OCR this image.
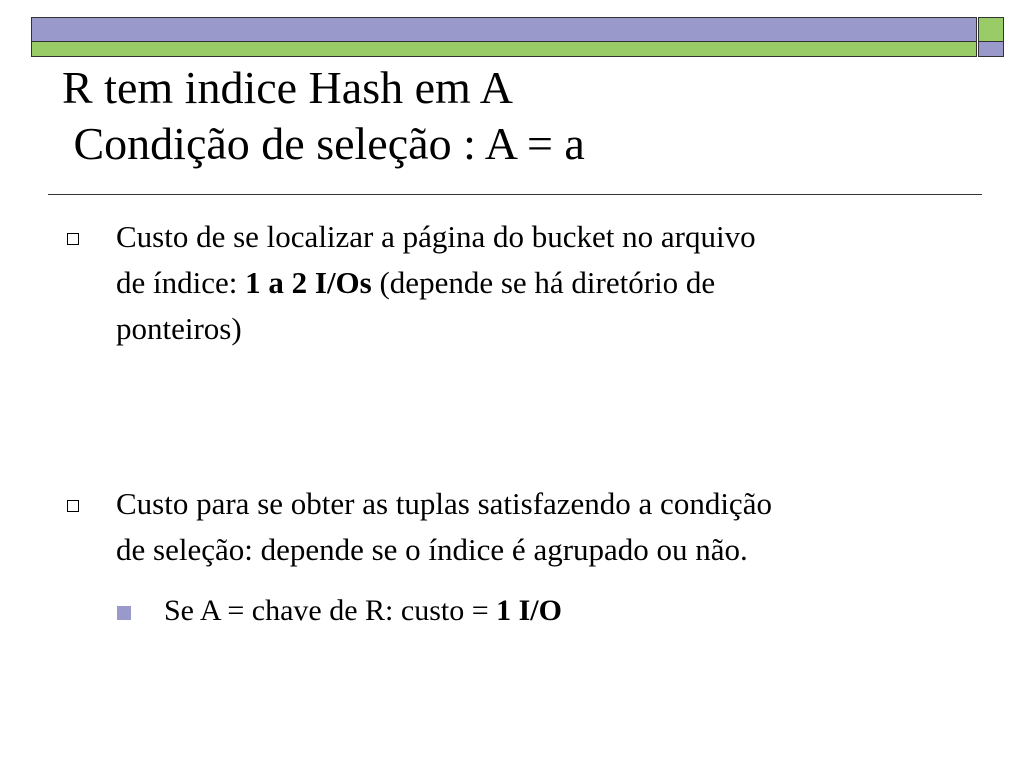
R tem indice Hash em A
Condição de seleção : A = a
Custo de se localizar a página do bucket no arquivo
de índice: 1 a 2 I/Os (depende se há diretório de
ponteiros)
Custo para se obter as tuplas satisfazendo a condição
de seleção: depende se o índice é agrupado ou não.
Se A = chave de R: custo = 1 I/O
